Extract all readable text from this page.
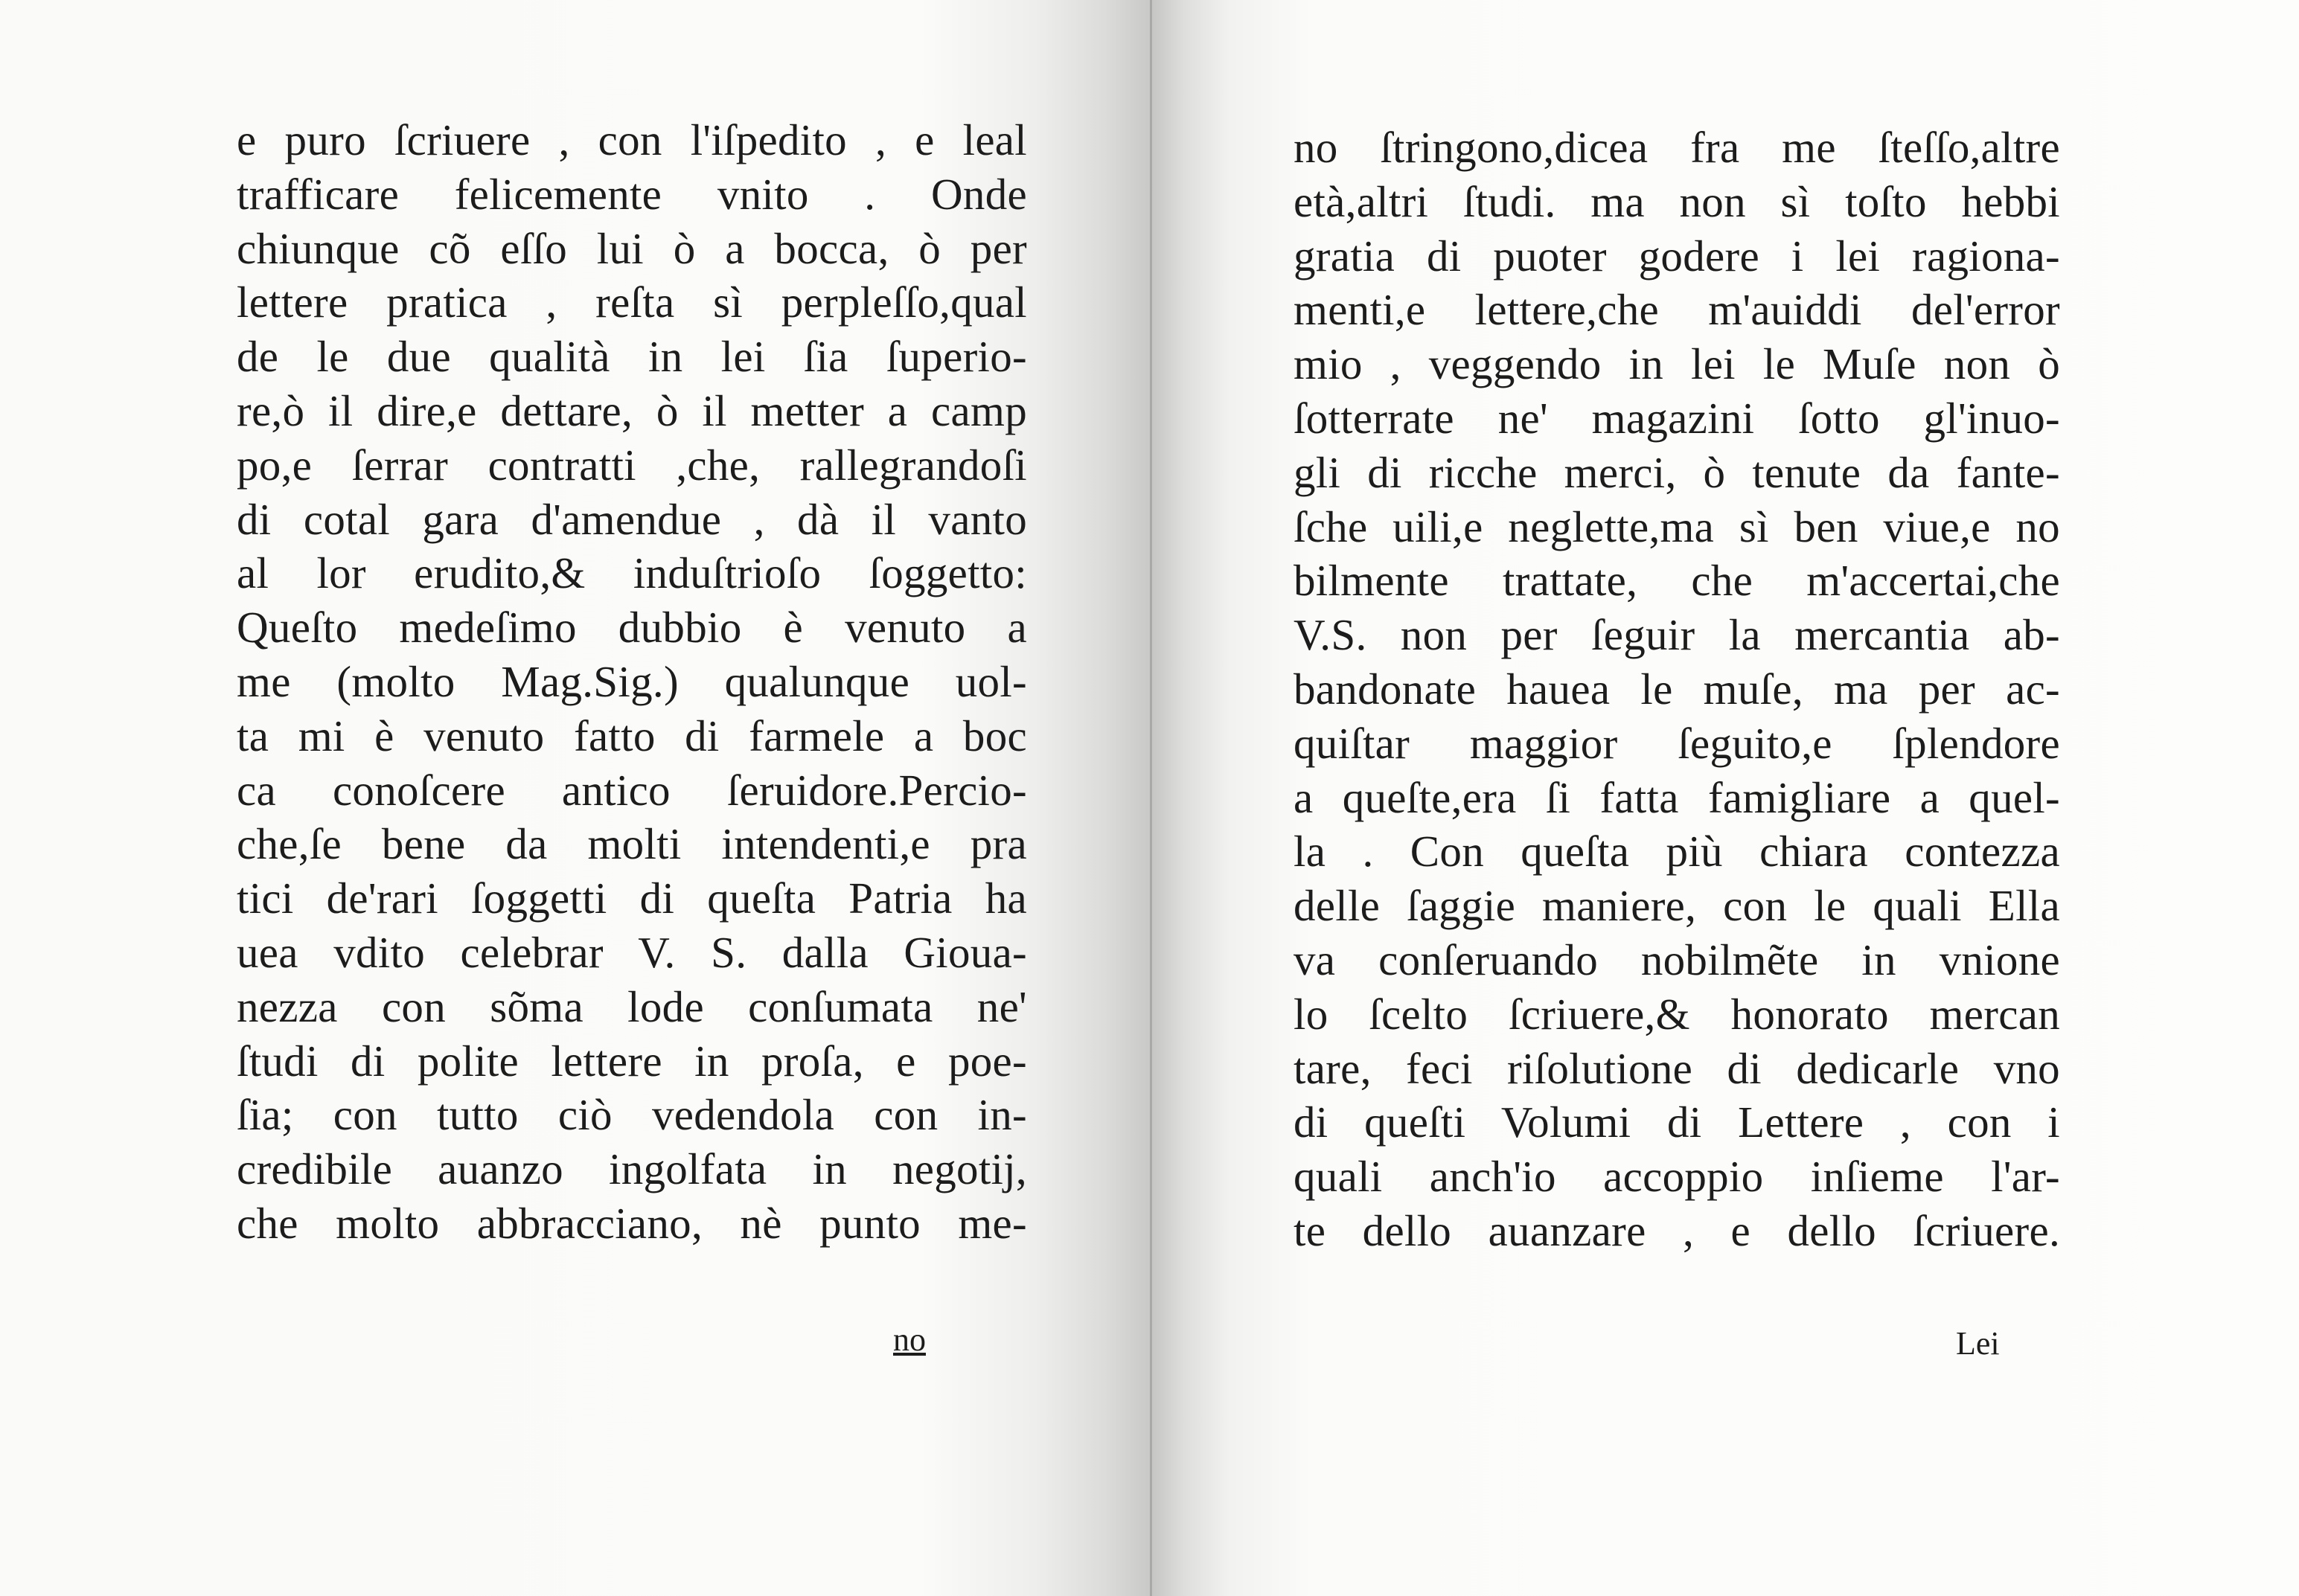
e puro ſcriuere , con l'iſpedito , e leal
trafficare felicemente vnito . Onde
chiunque cõ eſſo lui ò a bocca, ò per
lettere pratica , reſta sì perpleſſo,qual
de le due qualità in lei ſia ſuperio-
re,ò il dire,e dettare, ò il metter a camp
po,e ſerrar contratti ,che, rallegrandoſi
di cotal gara d'amendue , dà il vanto
al lor erudito,& induſtrioſo ſoggetto:
Queſto medeſimo dubbio è venuto a
me (molto Mag.Sig.) qualunque uol-
ta mi è venuto fatto di farmele a boc
ca conoſcere antico ſeruidore.Percio-
che,ſe bene da molti intendenti,e pra
tici de'rari ſoggetti di queſta Patria ha
uea vdito celebrar V. S. dalla Gioua-
nezza con sõma lode conſumata ne'
ſtudi di polite lettere in proſa, e poe-
ſia; con tutto ciò vedendola con in-
credibile auanzo ingolfata in negotij,
che molto abbracciano, nè punto me-
no
no ſtringono,dicea fra me ſteſſo,altre
età,altri ſtudi. ma non sì toſto hebbi
gratia di puoter godere i lei ragiona-
menti,e lettere,che m'auiddi del'error
mio , veggendo in lei le Muſe non ò
ſotterrate ne' magazini ſotto gl'inuo-
gli di ricche merci, ò tenute da fante-
ſche uili,e neglette,ma sì ben viue,e no
bilmente trattate, che m'accertai,che
V.S. non per ſeguir la mercantia ab-
bandonate hauea le muſe, ma per ac-
quiſtar maggior ſeguito,e ſplendore
a queſte,era ſi fatta famigliare a quel-
la . Con queſta più chiara contezza
delle ſaggie maniere, con le quali Ella
va conſeruando nobilmẽte in vnione
lo ſcelto ſcriuere,& honorato mercan
tare, feci riſolutione di dedicarle vno
di queſti Volumi di Lettere , con i
quali anch'io accoppio inſieme l'ar-
te dello auanzare , e dello ſcriuere.
Lei
